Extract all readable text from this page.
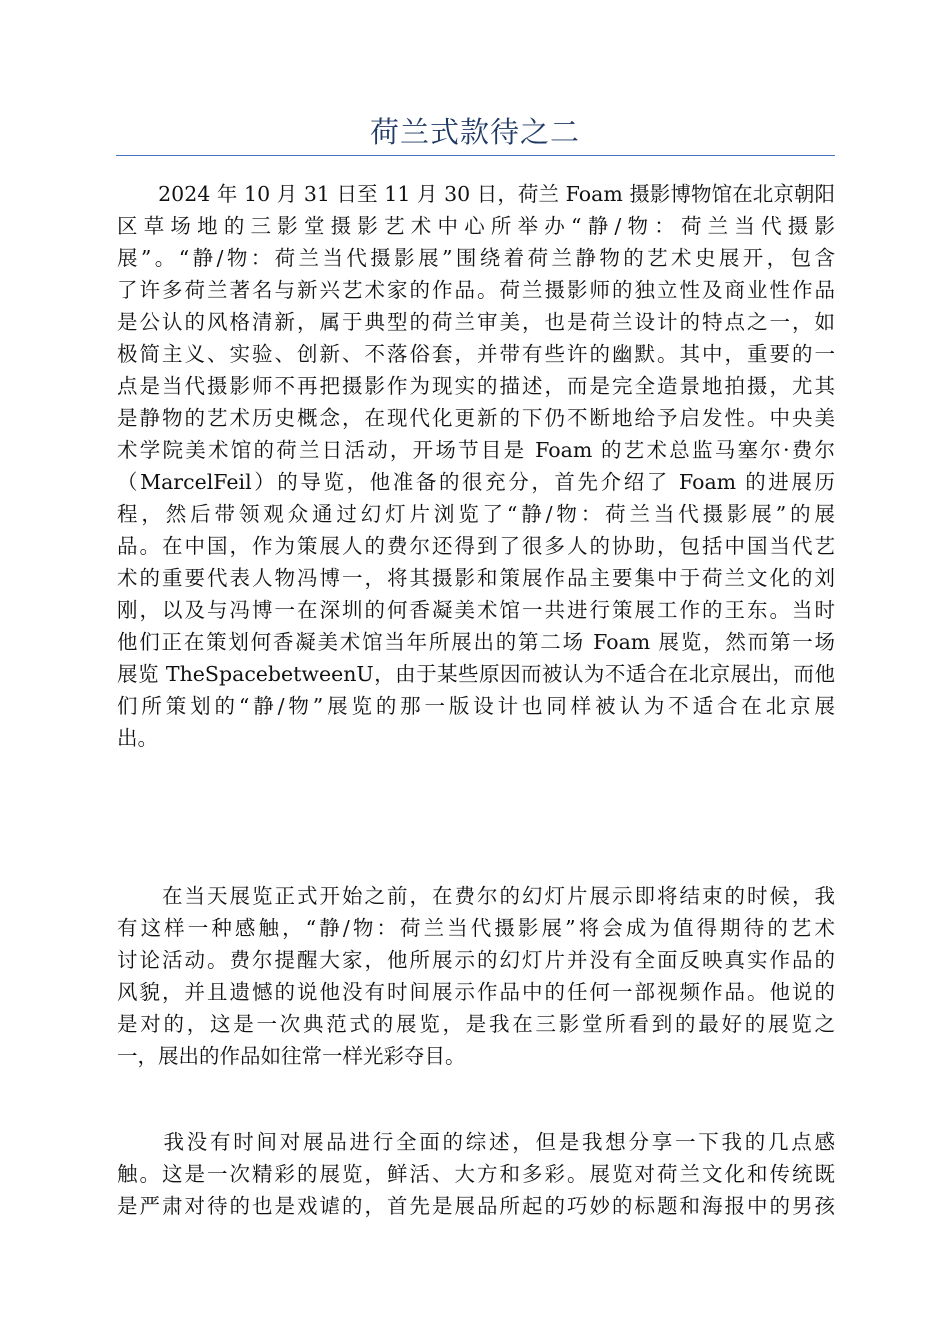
荷兰式款待之二
　　2024 年 10 月 31 日至 11 月 30 日，荷兰 Foam 摄影博物馆在北京朝阳
区草场地的三影堂摄影艺术中心所举办“静/物：荷兰当代摄影
展”。“静/物：荷兰当代摄影展”围绕着荷兰静物的艺术史展开，包含
了许多荷兰著名与新兴艺术家的作品。荷兰摄影师的独立性及商业性作品
是公认的风格清新，属于典型的荷兰审美，也是荷兰设计的特点之一，如
极简主义、实验、创新、不落俗套，并带有些许的幽默。其中，重要的一
点是当代摄影师不再把摄影作为现实的描述，而是完全造景地拍摄，尤其
是静物的艺术历史概念，在现代化更新的下仍不断地给予启发性。中央美
术学院美术馆的荷兰日活动，开场节目是 Foam 的艺术总监马塞尔·费尔
（MarcelFeil）的导览，他准备的很充分，首先介绍了 Foam 的进展历
程，然后带领观众通过幻灯片浏览了“静/物：荷兰当代摄影展”的展
品。在中国，作为策展人的费尔还得到了很多人的协助，包括中国当代艺
术的重要代表人物冯博一，将其摄影和策展作品主要集中于荷兰文化的刘
刚，以及与冯博一在深圳的何香凝美术馆一共进行策展工作的王东。当时
他们正在策划何香凝美术馆当年所展出的第二场 Foam 展览，然而第一场
展览 TheSpacebetweenU，由于某些原因而被认为不适合在北京展出，而他
们所策划的“静/物”展览的那一版设计也同样被认为不适合在北京展
出。
　　在当天展览正式开始之前，在费尔的幻灯片展示即将结束的时候，我
有这样一种感触，“静/物：荷兰当代摄影展”将会成为值得期待的艺术
讨论活动。费尔提醒大家，他所展示的幻灯片并没有全面反映真实作品的
风貌，并且遗憾的说他没有时间展示作品中的任何一部视频作品。他说的
是对的，这是一次典范式的展览，是我在三影堂所看到的最好的展览之
一，展出的作品如往常一样光彩夺目。
　　我没有时间对展品进行全面的综述，但是我想分享一下我的几点感
触。这是一次精彩的展览，鲜活、大方和多彩。展览对荷兰文化和传统既
是严肃对待的也是戏谑的，首先是展品所起的巧妙的标题和海报中的男孩
